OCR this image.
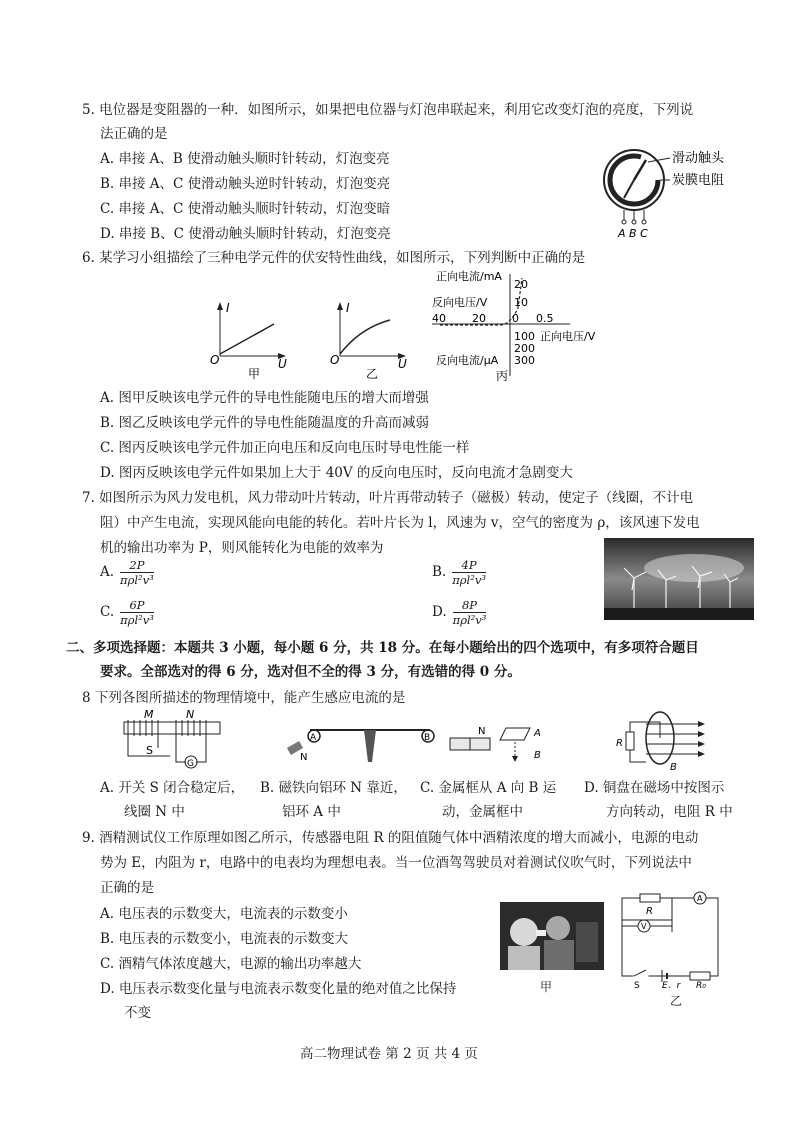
5. 电位器是变阻器的一种．如图所示，如果把电位器与灯泡串联起来，利用它改变灯泡的亮度，下列说
法正确的是
A. 串接 A、B 使滑动触头顺时针转动，灯泡变亮
B. 串接 A、C 使滑动触头逆时针转动，灯泡变亮
C. 串接 A、C 使滑动触头顺时针转动，灯泡变暗
D. 串接 B、C 使滑动触头顺时针转动，灯泡变亮
滑动触头
炭膜电阻
A B C
6. 某学习小组描绘了三种电学元件的伏安特性曲线，如图所示，下列判断中正确的是
I
O	U
甲
I
O	U
乙
正向电流/mA
20
10
反向电压/V
40 20 0 0.5
100 正向电压/V
200
反向电流/μA 300
丙
A. 图甲反映该电学元件的导电性能随电压的增大而增强
B. 图乙反映该电学元件的导电性能随温度的升高而减弱
C. 图丙反映该电学元件加正向电压和反向电压时导电性能一样
D. 图丙反映该电学元件如果加上大于 40V 的反向电压时，反向电流才急剧变大
7. 如图所示为风力发电机，风力带动叶片转动，叶片再带动转子（磁极）转动，使定子（线圈，不计电
阻）中产生电流，实现风能向电能的转化。若叶片长为 l，风速为 v，空气的密度为 ρ，该风速下发电
机的输出功率为 P，则风能转化为电能的效率为
A. $\frac{2P}{\text{πρl²v³}}$	B. $\frac{4P}{\text{πρl²v³}}$
C. $\frac{6P}{\text{πρl²v³}}$	D. $\frac{8P}{\text{πρl²v³}}$
二、多项选择题：本题共 3 小题，每小题 6 分，共 18 分。在每小题给出的四个选项中，有多项符合题目
要求。全部选对的得 6 分，选对但不全的得 3 分，有选错的得 0 分。
8 下列各图所描述的物理情境中，能产生感应电流的是
M	N
S
G
A	B
N
N	A
B
R
B
A. 开关 S 闭合稳定后，
线圈 N 中
B. 磁铁向铝环 N 靠近，
铝环 A 中
C. 金属框从 A 向 B 运
动，金属框中
D. 铜盘在磁场中按图示
方向转动，电阻 R 中
9. 酒精测试仪工作原理如图乙所示，传感器电阻 R 的阻值随气体中酒精浓度的增大而减小，电源的电动
势为 E，内阻为 r，电路中的电表均为理想电表。当一位酒驾驾驶员对着测试仪吹气时，下列说法中
正确的是
A. 电压表的示数变大，电流表的示数变小
B. 电压表的示数变小，电流表的示数变大
C. 酒精气体浓度越大，电源的输出功率越大
D. 电压表示数变化量与电流表示数变化量的绝对值之比保持
不变
甲
R
A
V
S E、r R₀
乙
高二物理试卷 第 2 页 共 4 页
